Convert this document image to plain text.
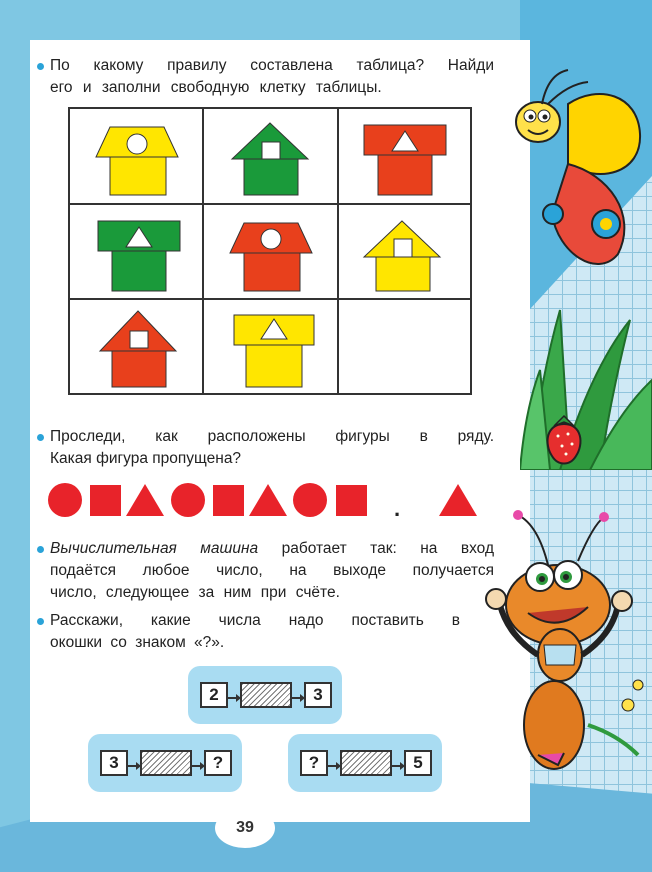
По какому правилу составлена таблица? Найди
его и заполни свободную клетку таблицы.
Проследи, как расположены фигуры в ряду.
Какая фигура пропущена?
.
Вычислительная машина работает так: на вход
подаётся любое число, на выходе получается
число, следующее за ним при счёте.
Расскажи, какие числа надо поставить в
окошки со знаком «?».
2	3
3	?	?	5
39
